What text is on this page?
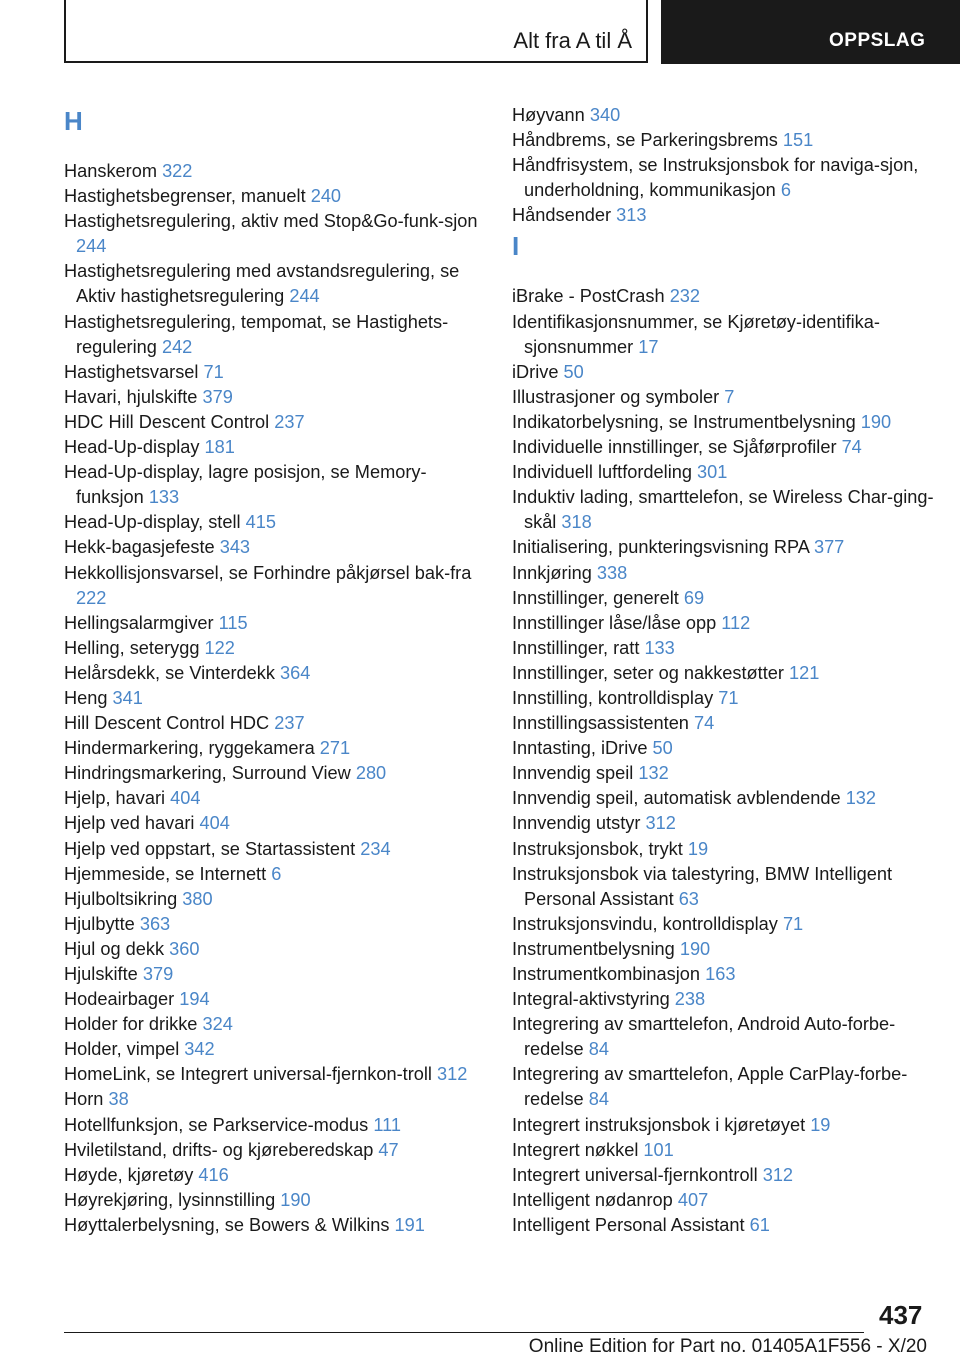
Alt fra A til Å	OPPSLAG
H
Hanskerom 322
Hastighetsbegrenser, manuelt 240
Hastighetsregulering, aktiv med Stop&Go-funk-sjon 244
Hastighetsregulering med avstandsregulering, se Aktiv hastighetsregulering 244
Hastighetsregulering, tempomat, se Hastighets-regulering 242
Hastighetsvarsel 71
Havari, hjulskifte 379
HDC Hill Descent Control 237
Head-Up-display 181
Head-Up-display, lagre posisjon, se Memory-funksjon 133
Head-Up-display, stell 415
Hekk-bagasjefeste 343
Hekkollisjonsvarsel, se Forhindre påkjørsel bak-fra 222
Hellingsalarmgiver 115
Helling, seterygg 122
Helårsdekk, se Vinterdekk 364
Heng 341
Hill Descent Control HDC 237
Hindermarkering, ryggekamera 271
Hindringsmarkering, Surround View 280
Hjelp, havari 404
Hjelp ved havari 404
Hjelp ved oppstart, se Startassistent 234
Hjemmeside, se Internett 6
Hjulboltsikring 380
Hjulbytte 363
Hjul og dekk 360
Hjulskifte 379
Hodeairbager 194
Holder for drikke 324
Holder, vimpel 342
HomeLink, se Integrert universal-fjernkon-troll 312
Horn 38
Hotellfunksjon, se Parkservice-modus 111
Hviletilstand, drifts- og kjøreberedskap 47
Høyde, kjøretøy 416
Høyrekjøring, lysinnstilling 190
Høyttalerbelysning, se Bowers & Wilkins 191
Høyvann 340
Håndbrems, se Parkeringsbrems 151
Håndfrisystem, se Instruksjonsbok for naviga-sjon, underholdning, kommunikasjon 6
Håndsender 313
I
iBrake - PostCrash 232
Identifikasjonsnummer, se Kjøretøy-identifika-sjonsnummer 17
iDrive 50
Illustrasjoner og symboler 7
Indikatorbelysning, se Instrumentbelysning 190
Individuelle innstillinger, se Sjåførprofiler 74
Individuell luftfordeling 301
Induktiv lading, smarttelefon, se Wireless Char-ging-skål 318
Initialisering, punkteringsvisning RPA 377
Innkjøring 338
Innstillinger, generelt 69
Innstillinger låse/låse opp 112
Innstillinger, ratt 133
Innstillinger, seter og nakkestøtter 121
Innstilling, kontrolldisplay 71
Innstillingsassistenten 74
Inntasting, iDrive 50
Innvendig speil 132
Innvendig speil, automatisk avblendende 132
Innvendig utstyr 312
Instruksjonsbok, trykt 19
Instruksjonsbok via talestyring, BMW Intelligent Personal Assistant 63
Instruksjonsvindu, kontrolldisplay 71
Instrumentbelysning 190
Instrumentkombinasjon 163
Integral-aktivstyring 238
Integrering av smarttelefon, Android Auto-forbe-redelse 84
Integrering av smarttelefon, Apple CarPlay-forbe-redelse 84
Integrert instruksjonsbok i kjøretøyet 19
Integrert nøkkel 101
Integrert universal-fjernkontroll 312
Intelligent nødanrop 407
Intelligent Personal Assistant 61
437
Online Edition for Part no. 01405A1F556 - X/20
